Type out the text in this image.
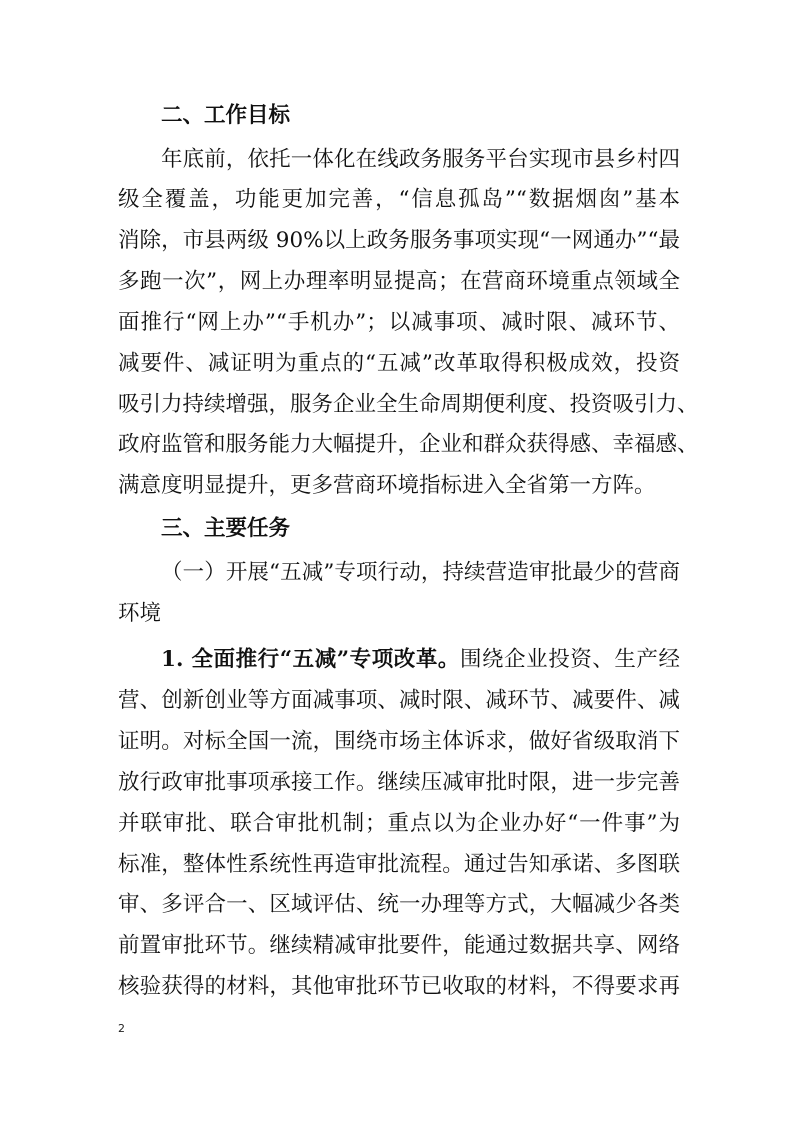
二、工作目标
年底前，依托一体化在线政务服务平台实现市县乡村四
级全覆盖，功能更加完善，“信息孤岛”“数据烟囱”基本
消除，市县两级 90%以上政务服务事项实现“一网通办”“最
多跑一次”，网上办理率明显提高；在营商环境重点领域全
面推行“网上办”“手机办”；以减事项、减时限、减环节、
减要件、减证明为重点的“五减”改革取得积极成效，投资
吸引力持续增强，服务企业全生命周期便利度、投资吸引力、
政府监管和服务能力大幅提升，企业和群众获得感、幸福感、
满意度明显提升，更多营商环境指标进入全省第一方阵。
三、主要任务
（一）开展“五减”专项行动，持续营造审批最少的营商
环境
1. 全面推行“五减”专项改革。围绕企业投资、生产经
营、创新创业等方面减事项、减时限、减环节、减要件、减
证明。对标全国一流，围绕市场主体诉求，做好省级取消下
放行政审批事项承接工作。继续压减审批时限，进一步完善
并联审批、联合审批机制；重点以为企业办好“一件事”为
标准，整体性系统性再造审批流程。通过告知承诺、多图联
审、多评合一、区域评估、统一办理等方式，大幅减少各类
前置审批环节。继续精减审批要件，能通过数据共享、网络
核验获得的材料，其他审批环节已收取的材料，不得要求再
2
